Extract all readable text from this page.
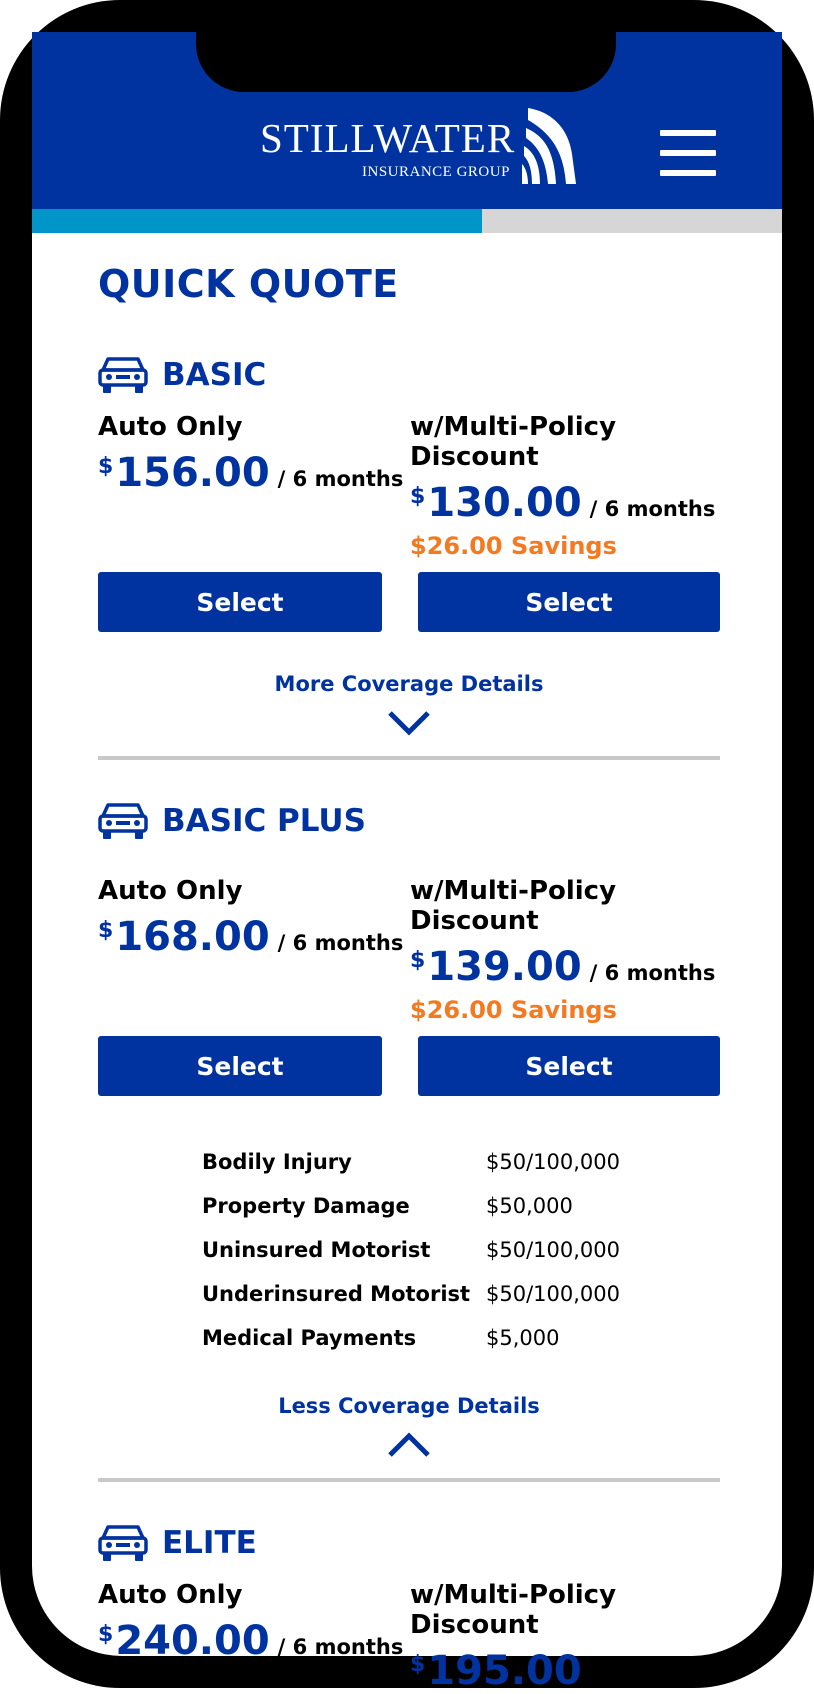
STILLWATER
INSURANCE GROUP
QUICK QUOTE
BASIC
Auto Only
$ 156.00 / 6 months
w/Multi-Policy Discount
$ 130.00 / 6 months
$26.00 Savings
Select	Select
More Coverage Details
BASIC PLUS
Auto Only
$ 168.00 / 6 months
w/Multi-Policy Discount
$ 139.00 / 6 months
$26.00 Savings
Select	Select
Bodily Injury	$50/100,000
Property Damage	$50,000
Uninsured Motorist	$50/100,000
Underinsured Motorist $50/100,000
Medical Payments	$5,000
Less Coverage Details
ELITE
Auto Only
$ 240.00 / 6 months
w/Multi-Policy Discount
$ 195.00 / 6 months
